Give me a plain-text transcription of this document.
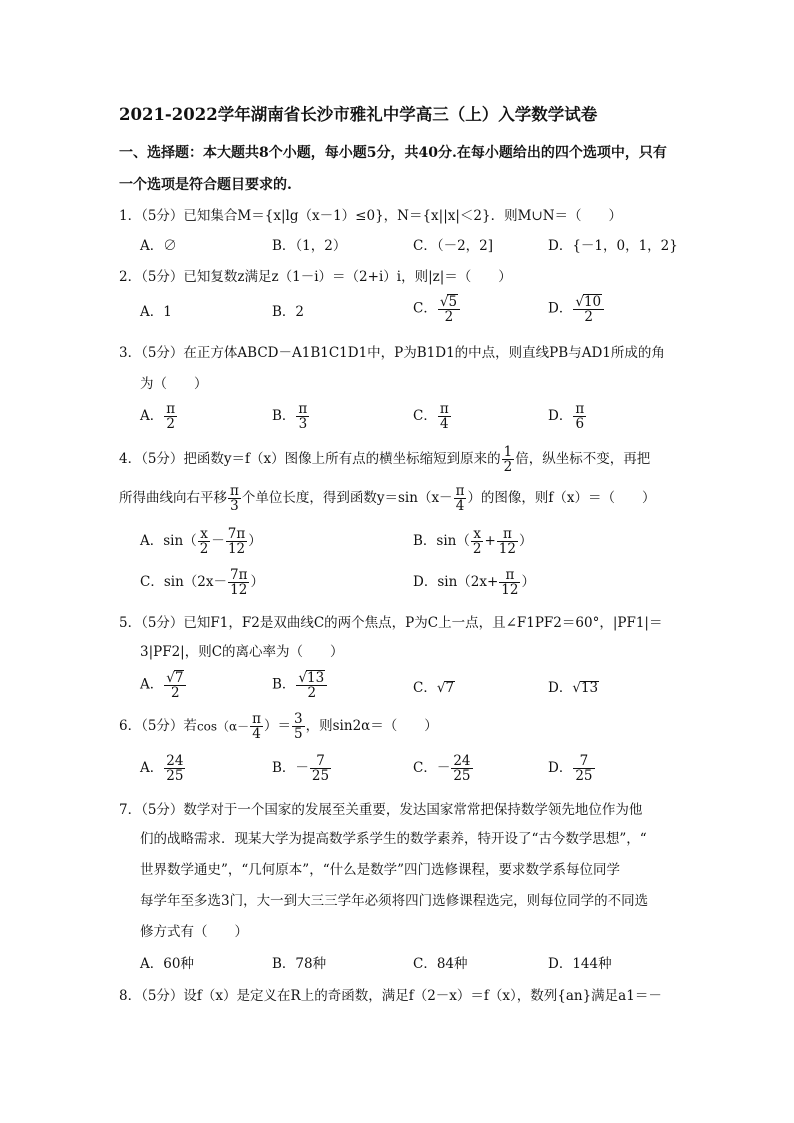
2021-2022学年湖南省长沙市雅礼中学高三（上）入学数学试卷
一、选择题：本大题共8个小题，每小题5分，共40分.在每小题给出的四个选项中，只有
一个选项是符合题目要求的.
1．（5分）已知集合M＝{x|lg（x－1）≤0}，N＝{x||x|＜2}．则M∪N＝（　　）
A．∅	B．（1，2）	C．（－2，2]	D．{－1，0，1，2}
2．（5分）已知复数z满足z（1－i）＝（2+i）i，则|z|＝（　　）
A．1	B．2	C． $\frac{√5}{2}$	D． $\frac{√10}{2}$
3．（5分）在正方体ABCD－A1B1C1D1中，P为B1D1的中点，则直线PB与AD1所成的角
为（　　）
A． $\frac{\pi}{2}$	B． $\frac{\pi}{3}$	C． $\frac{\pi}{4}$	D． $\frac{\pi}{6}$
4．（5分）把函数y＝f（x）图像上所有点的横坐标缩短到原来的 $\frac{1}{2}$ 倍，纵坐标不变，再把
所得曲线向右平移 $\frac{\pi}{3}$ 个单位长度，得到函数$y=\sin(x- \frac{\pi}{4}$ ）的图像，则f（x）＝（　　）
A．$\sin( \frac{x}{2} - \frac{7\pi}{12}$ ）	B．$\sin( \frac{x}{2} + \frac{\pi}{12}$ ）
C．$\sin(2x- \frac{7\pi}{12}$ ）	D．$\sin(2x+ \frac{\pi}{12}$ ）
5．（5分）已知F1，F2是双曲线C的两个焦点，P为C上一点，且∠F1PF2＝60°，|PF1|＝
3|PF2|，则C的离心率为（　　）
A． $\frac{√7}{2}$	B． $\frac{√13}{2}$	C．√7	D．√13
6．（5分）若$\cos(\alpha- \frac{\pi}{4}$ ）＝ $\frac{3}{5}$ ，则sin2α＝（　　）
A． $\frac{24}{25}$	B．－ $\frac{7}{25}$	C．－ $\frac{24}{25}$	D． $\frac{7}{25}$
7．（5分）数学对于一个国家的发展至关重要，发达国家常常把保持数学领先地位作为他
们的战略需求．现某大学为提高数学系学生的数学素养，特开设了“古今数学思想”，“
世界数学通史”，“几何原本”，“什么是数学”四门选修课程，要求数学系每位同学
每学年至多选3门，大一到大三三学年必须将四门选修课程选完，则每位同学的不同选
修方式有（　　）
A．60种	B．78种	C．84种	D．144种
8．（5分）设f（x）是定义在R上的奇函数，满足f（2－x）＝f（x），数列{an}满足a1＝－
